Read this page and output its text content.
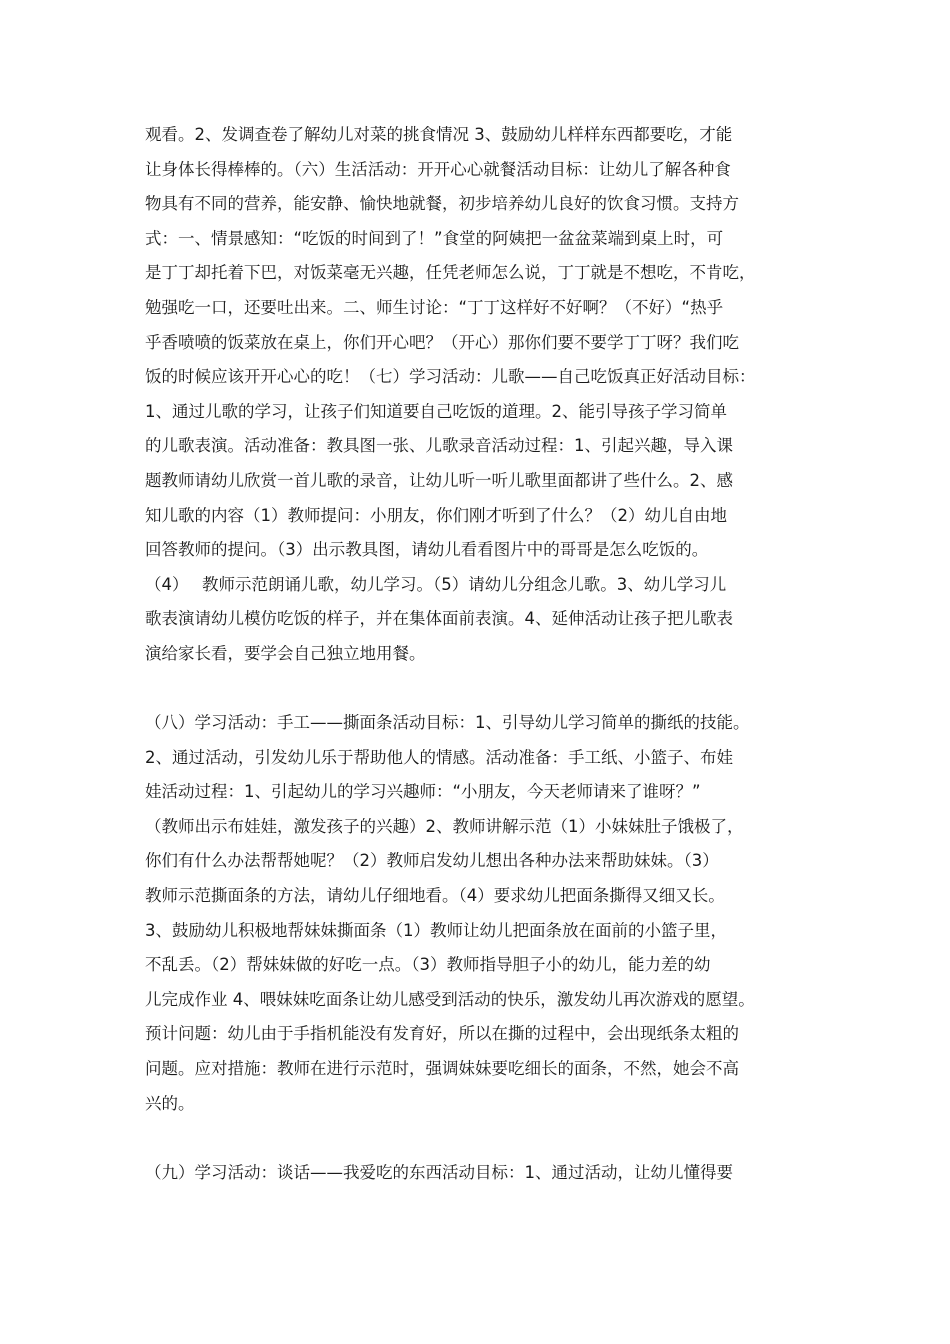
观看。2、发调查卷了解幼儿对菜的挑食情况 3、鼓励幼儿样样东西都要吃，才能
让身体长得棒棒的。（六）生活活动：开开心心就餐活动目标：让幼儿了解各种食
物具有不同的营养，能安静、愉快地就餐，初步培养幼儿良好的饮食习惯。支持方
式：一、情景感知：“吃饭的时间到了！”食堂的阿姨把一盆盆菜端到桌上时，可
是丁丁却托着下巴，对饭菜毫无兴趣，任凭老师怎么说，丁丁就是不想吃，不肯吃，
勉强吃一口，还要吐出来。二、师生讨论：“丁丁这样好不好啊？（不好）“热乎
乎香喷喷的饭菜放在桌上，你们开心吧？（开心）那你们要不要学丁丁呀？我们吃
饭的时候应该开开心心的吃！（七）学习活动：儿歌——自己吃饭真正好活动目标：
1、通过儿歌的学习，让孩子们知道要自己吃饭的道理。2、能引导孩子学习简单
的儿歌表演。活动准备：教具图一张、儿歌录音活动过程：1、引起兴趣，导入课
题教师请幼儿欣赏一首儿歌的录音，让幼儿听一听儿歌里面都讲了些什么。2、感
知儿歌的内容（1）教师提问：小朋友，你们刚才听到了什么？（2）幼儿自由地
回答教师的提问。（3）出示教具图，请幼儿看看图片中的哥哥是怎么吃饭的。
（4）　 教师示范朗诵儿歌，幼儿学习。（5）请幼儿分组念儿歌。3、幼儿学习儿
歌表演请幼儿模仿吃饭的样子，并在集体面前表演。4、延伸活动让孩子把儿歌表
演给家长看，要学会自己独立地用餐。
（八）学习活动：手工——撕面条活动目标：1、引导幼儿学习简单的撕纸的技能。
2、通过活动，引发幼儿乐于帮助他人的情感。活动准备：手工纸、小篮子、布娃
娃活动过程：1、引起幼儿的学习兴趣师：“小朋友，今天老师请来了谁呀？”
（教师出示布娃娃，激发孩子的兴趣）2、教师讲解示范（1）小妹妹肚子饿极了，
你们有什么办法帮帮她呢？（2）教师启发幼儿想出各种办法来帮助妹妹。（3）
教师示范撕面条的方法，请幼儿仔细地看。（4）要求幼儿把面条撕得又细又长。
3、鼓励幼儿积极地帮妹妹撕面条（1）教师让幼儿把面条放在面前的小篮子里，
不乱丢。（2）帮妹妹做的好吃一点。（3）教师指导胆子小的幼儿，能力差的幼
儿完成作业 4、喂妹妹吃面条让幼儿感受到活动的快乐，激发幼儿再次游戏的愿望。
预计问题：幼儿由于手指机能没有发育好，所以在撕的过程中，会出现纸条太粗的
问题。应对措施：教师在进行示范时，强调妹妹要吃细长的面条，不然，她会不高
兴的。
（九）学习活动：谈话——我爱吃的东西活动目标：1、通过活动，让幼儿懂得要
